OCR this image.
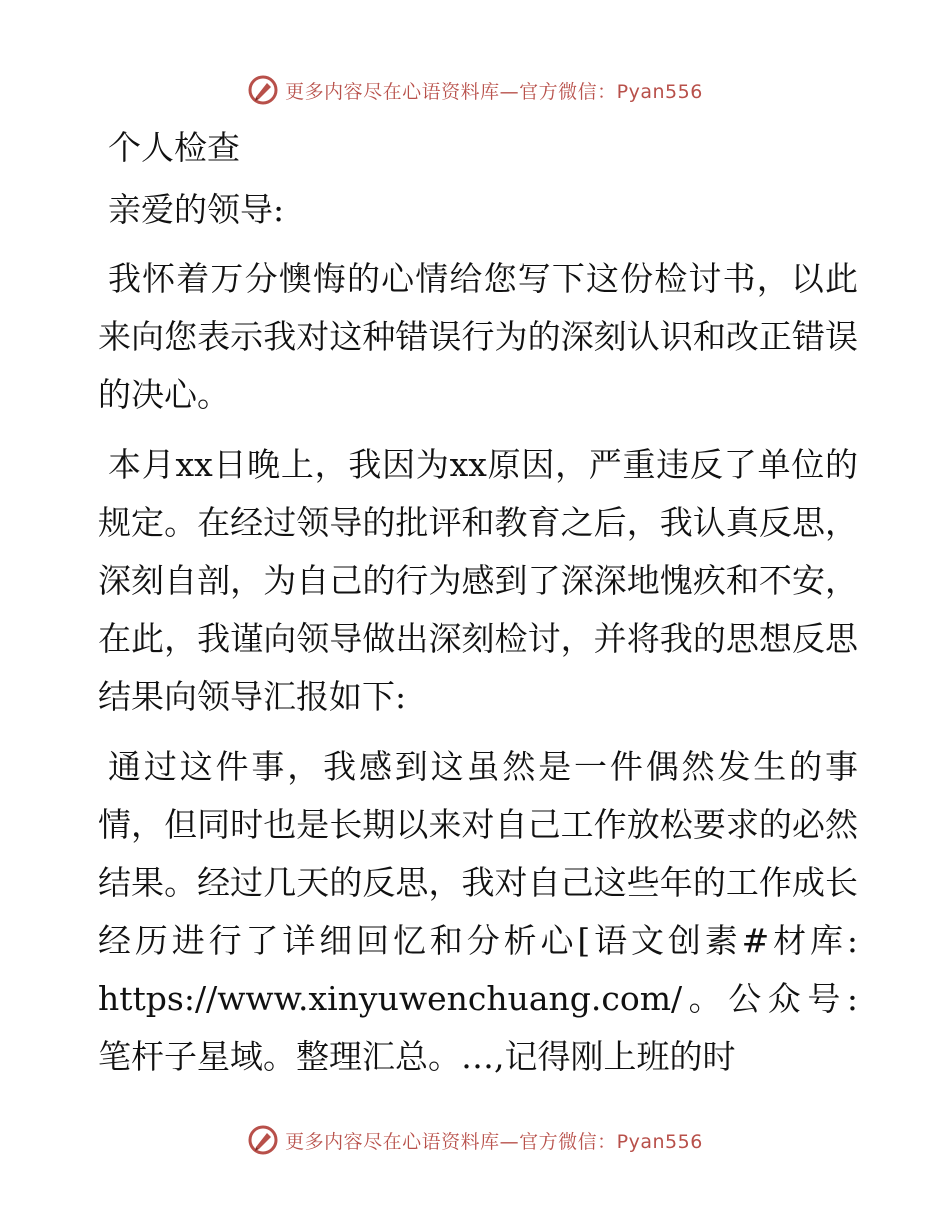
更多内容尽在心语资料库—官方微信：Pyan556
个人检查
亲爱的领导:

我怀着万分懊悔的心情给您写下这份检讨书，以此来向您表示我对这种错误行为的深刻认识和改正错误的决心。

本月xx日晚上，我因为xx原因，严重违反了单位的规定。在经过领导的批评和教育之后，我认真反思，深刻自剖，为自己的行为感到了深深地愧疚和不安，在此，我谨向领导做出深刻检讨，并将我的思想反思结果向领导汇报如下:

通过这件事，我感到这虽然是一件偶然发生的事情，但同时也是长期以来对自己工作放松要求的必然结果。经过几天的反思，我对自己这些年的工作成长经历进行了详细回忆和分析心[语文创素#材库: https://www.xinyuwenchuang.com/。公众号: 笔杆子星域。整理汇总。…,记得刚上班的时

更多内容尽在心语资料库—官方微信：Pyan556
